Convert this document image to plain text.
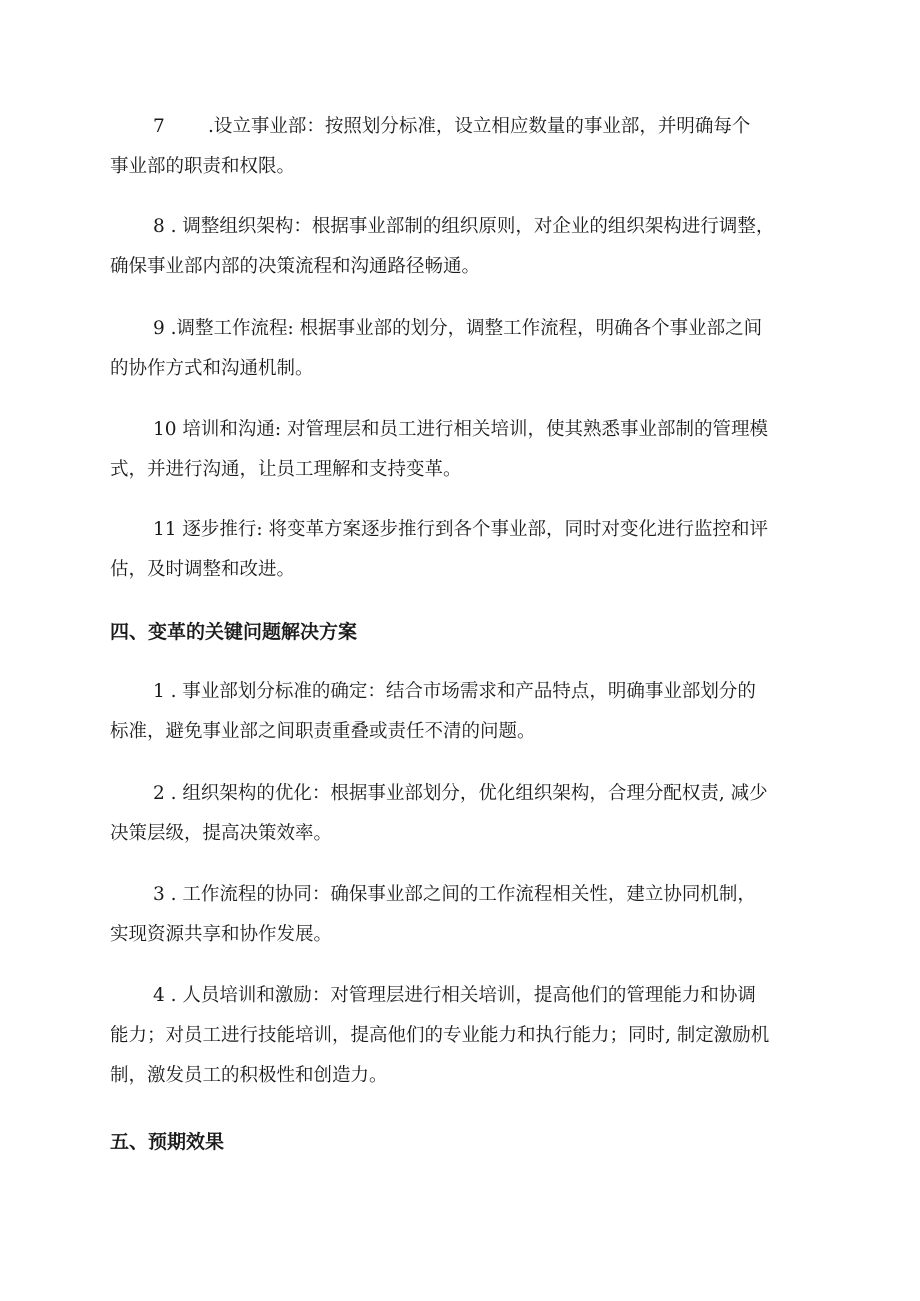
7 .设立事业部：按照划分标准，设立相应数量的事业部，并明确每个
事业部的职责和权限。
8 . 调整组织架构：根据事业部制的组织原则，对企业的组织架构进行调整，
确保事业部内部的决策流程和沟通路径畅通。
9 .调整工作流程: 根据事业部的划分，调整工作流程，明确各个事业部之间
的协作方式和沟通机制。
10 培训和沟通: 对管理层和员工进行相关培训，使其熟悉事业部制的管理模
式，并进行沟通，让员工理解和支持变革。
11 逐步推行: 将变革方案逐步推行到各个事业部，同时对变化进行监控和评
估，及时调整和改进。
四、变革的关键问题解决方案
1 . 事业部划分标准的确定：结合市场需求和产品特点，明确事业部划分的
标准，避免事业部之间职责重叠或责任不清的问题。
2 . 组织架构的优化：根据事业部划分，优化组织架构，合理分配权责, 减少
决策层级，提高决策效率。
3 . 工作流程的协同：确保事业部之间的工作流程相关性，建立协同机制，
实现资源共享和协作发展。
4 . 人员培训和激励：对管理层进行相关培训，提高他们的管理能力和协调
能力；对员工进行技能培训，提高他们的专业能力和执行能力；同时, 制定激励机
制，激发员工的积极性和创造力。
五、预期效果
